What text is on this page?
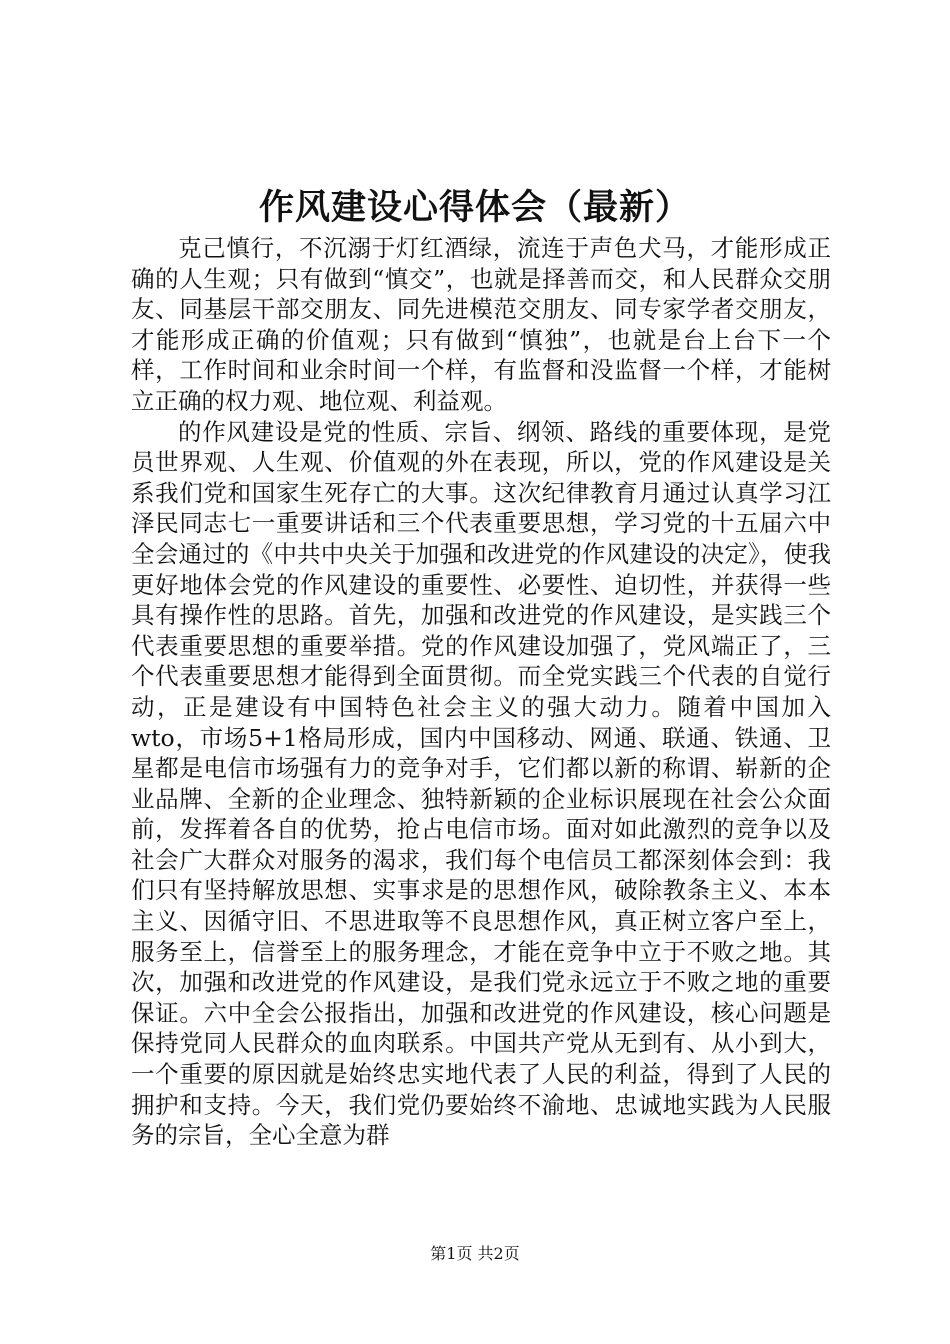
作风建设心得体会（最新）

克己慎行，不沉溺于灯红酒绿，流连于声色犬马，才能形成正确的人生观；只有做到“慎交”，也就是择善而交，和人民群众交朋友、同基层干部交朋友、同先进模范交朋友、同专家学者交朋友，才能形成正确的价值观；只有做到“慎独”，也就是台上台下一个样，工作时间和业余时间一个样，有监督和没监督一个样，才能树立正确的权力观、地位观、利益观。

的作风建设是党的性质、宗旨、纲领、路线的重要体现，是党员世界观、人生观、价值观的外在表现，所以，党的作风建设是关系我们党和国家生死存亡的大事。这次纪律教育月通过认真学习江泽民同志七一重要讲话和三个代表重要思想，学习党的十五届六中全会通过的《中共中央关于加强和改进党的作风建设的决定》，使我更好地体会党的作风建设的重要性、必要性、迫切性，并获得一些具有操作性的思路。首先，加强和改进党的作风建设，是实践三个代表重要思想的重要举措。党的作风建设加强了，党风端正了，三个代表重要思想才能得到全面贯彻。而全党实践三个代表的自觉行动，正是建设有中国特色社会主义的强大动力。随着中国加入wto，市场5+1格局形成，国内中国移动、网通、联通、铁通、卫星都是电信市场强有力的竞争对手，它们都以新的称谓、崭新的企业品牌、全新的企业理念、独特新颖的企业标识展现在社会公众面前，发挥着各自的优势，抢占电信市场。面对如此激烈的竞争以及社会广大群众对服务的渴求，我们每个电信员工都深刻体会到：我们只有坚持解放思想、实事求是的思想作风，破除教条主义、本本主义、因循守旧、不思进取等不良思想作风，真正树立客户至上，服务至上，信誉至上的服务理念，才能在竞争中立于不败之地。其次，加强和改进党的作风建设，是我们党永远立于不败之地的重要保证。六中全会公报指出，加强和改进党的作风建设，核心问题是保持党同人民群众的血肉联系。中国共产党从无到有、从小到大，一个重要的原因就是始终忠实地代表了人民的利益，得到了人民的拥护和支持。今天，我们党仍要始终不渝地、忠诚地实践为人民服务的宗旨，全心全意为群

第1页 共2页
